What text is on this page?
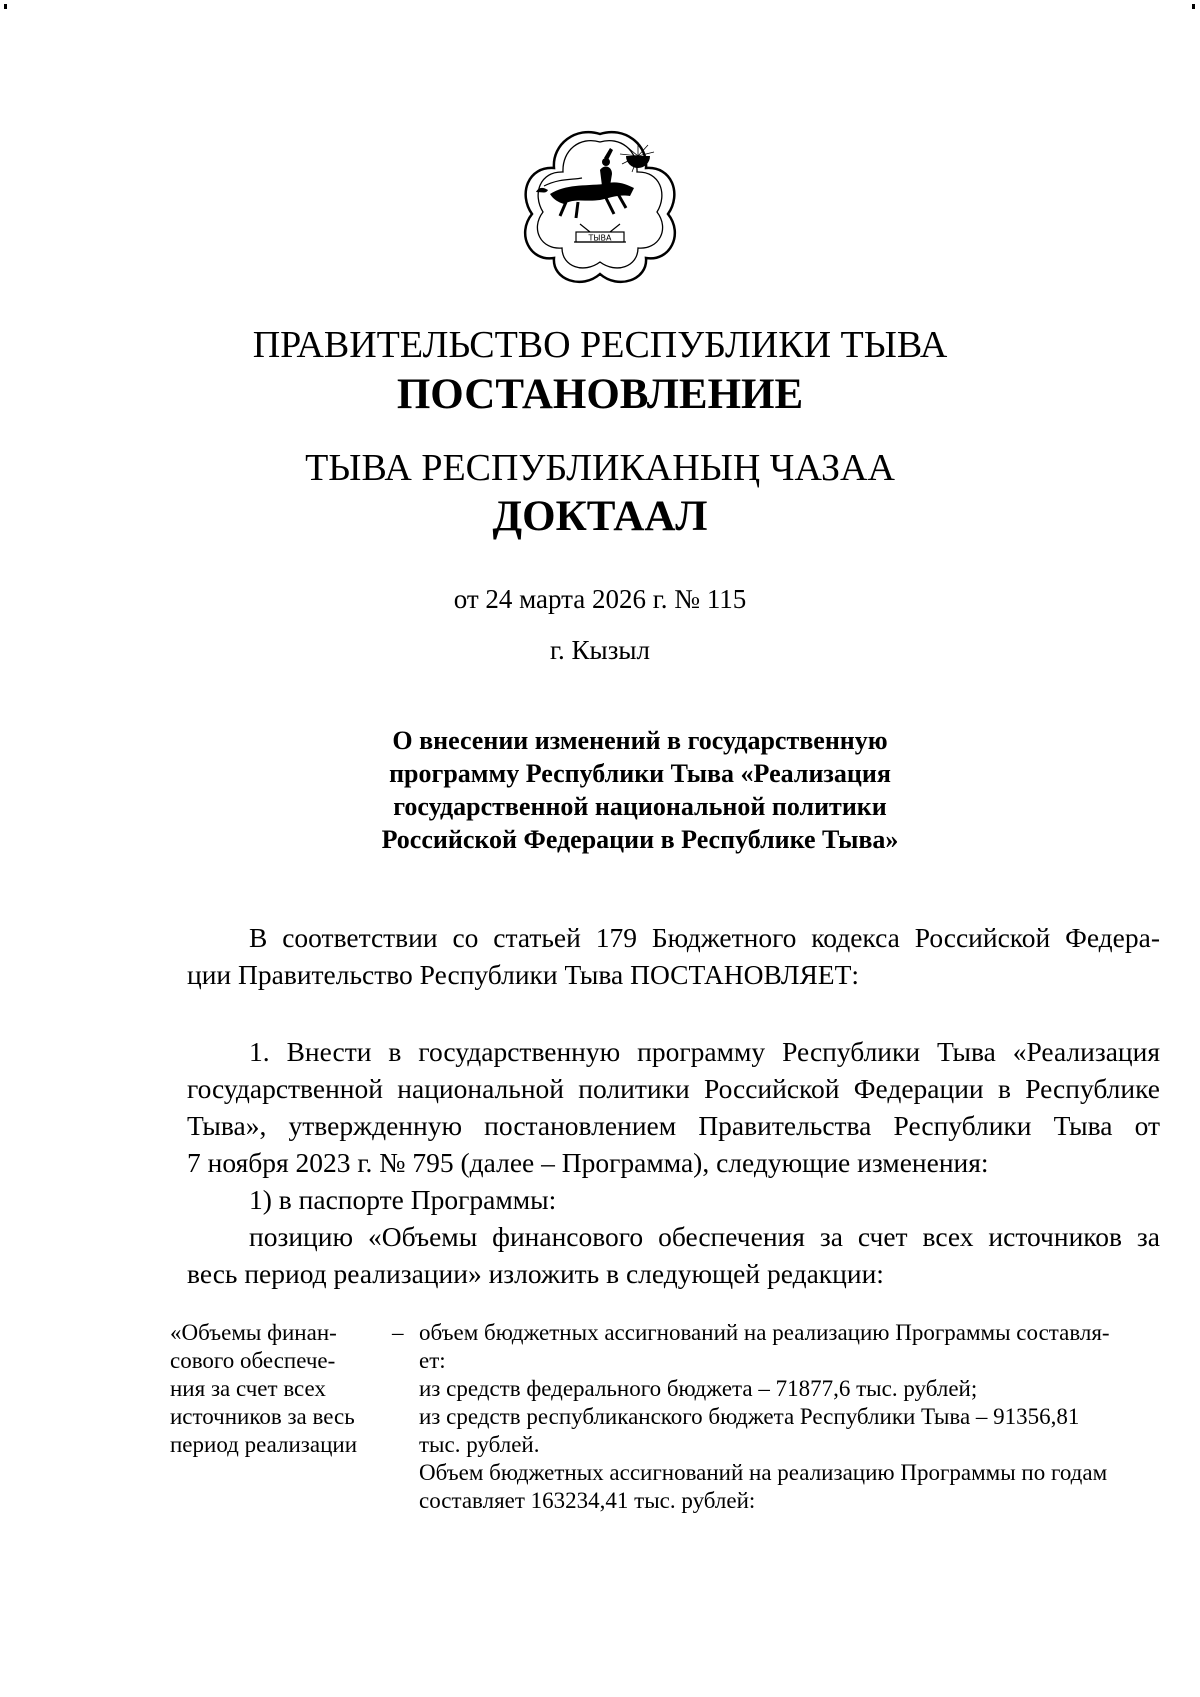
ТЫВА
ПРАВИТЕЛЬСТВО РЕСПУБЛИКИ ТЫВА
ПОСТАНОВЛЕНИЕ
ТЫВА РЕСПУБЛИКАНЫҢ ЧАЗАА
ДОКТААЛ
от 24 марта 2026 г. № 115
г. Кызыл
О внесении изменений в государственную
программу Республики Тыва «Реализация
государственной национальной политики
Российской Федерации в Республике Тыва»
В соответствии со статьей 179 Бюджетного кодекса Российской Федера-
ции Правительство Республики Тыва ПОСТАНОВЛЯЕТ:
1. Внести в государственную программу Республики Тыва «Реализация
государственной национальной политики Российской Федерации в Республике
Тыва», утвержденную постановлением Правительства Республики Тыва от
7 ноября 2023 г. № 795 (далее – Программа), следующие изменения:
1) в паспорте Программы:
позицию «Объемы финансового обеспечения за счет всех источников за
весь период реализации» изложить в следующей редакции:
«Объемы финан-
сового обеспече-
ния за счет всех
источников за весь
период реализации
– объем бюджетных ассигнований на реализацию Программы составля-
ет:
из средств федерального бюджета – 71877,6 тыс. рублей;
из средств республиканского бюджета Республики Тыва – 91356,81
тыс. рублей.
Объем бюджетных ассигнований на реализацию Программы по годам
составляет 163234,41 тыс. рублей:
